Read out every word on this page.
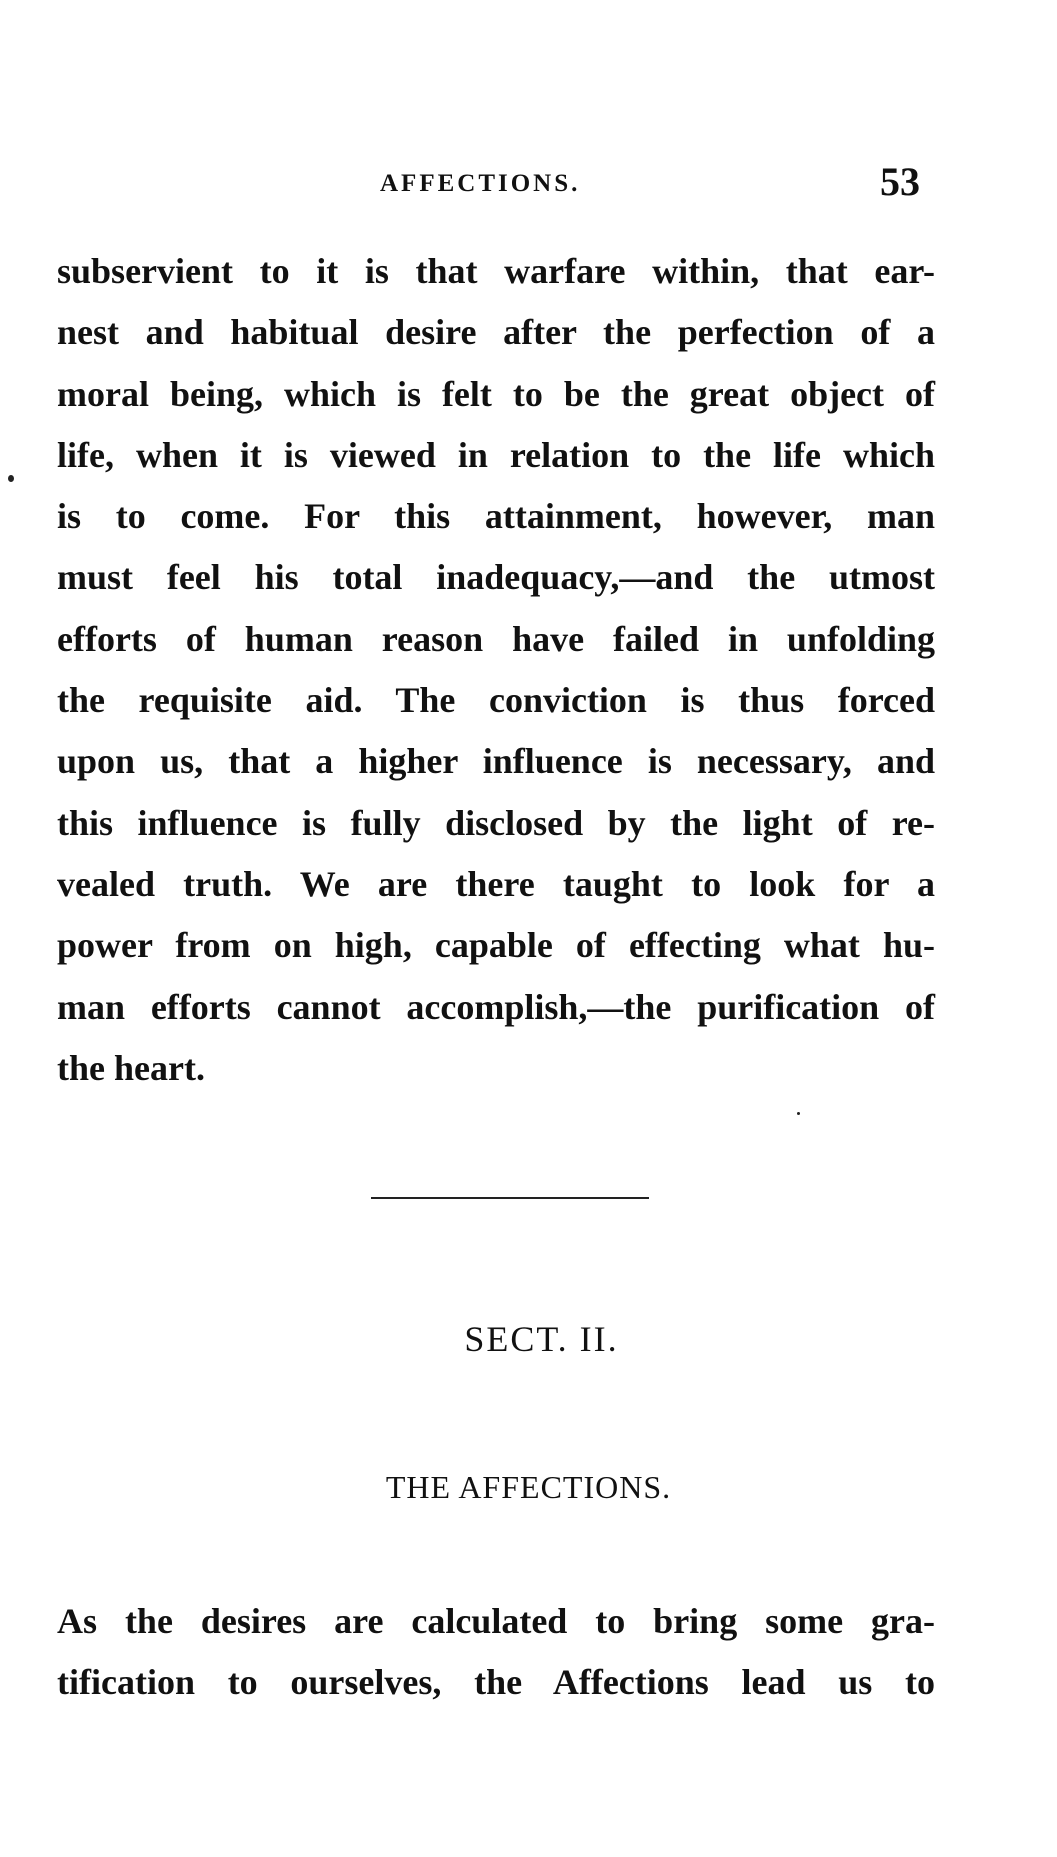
AFFECTIONS.	53
subservient to it is that warfare within, that ear-
nest and habitual desire after the perfection of a
moral being, which is felt to be the great object of
life, when it is viewed in relation to the life which
is to come. For this attainment, however, man
must feel his total inadequacy,—and the utmost
efforts of human reason have failed in unfolding
the requisite aid. The conviction is thus forced
upon us, that a higher influence is necessary, and
this influence is fully disclosed by the light of re-
vealed truth. We are there taught to look for a
power from on high, capable of effecting what hu-
man efforts cannot accomplish,—the purification of
the heart.
SECT. II.
THE AFFECTIONS.
As the desires are calculated to bring some gra-
tification to ourselves, the Affections lead us to
